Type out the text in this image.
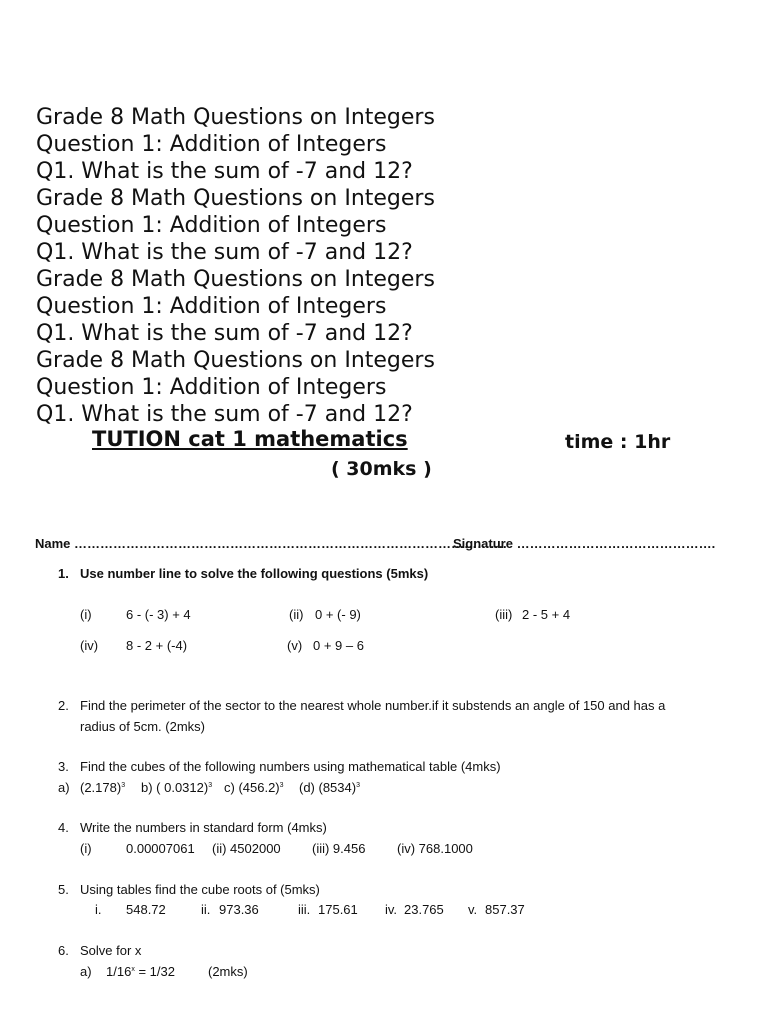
Grade 8 Math Questions on Integers
Question 1: Addition of Integers
Q1. What is the sum of -7 and 12?
Grade 8 Math Questions on Integers
Question 1: Addition of Integers
Q1. What is the sum of -7 and 12?
Grade 8 Math Questions on Integers
Question 1: Addition of Integers
Q1. What is the sum of -7 and 12?
Grade 8 Math Questions on Integers
Question 1: Addition of Integers
Q1. What is the sum of -7 and 12?
TUTION cat 1 mathematics	time : 1hr
( 30mks )
Name ……………………………………………………………………………………….
Signature ……………………………………….
1. Use number line to solve the following questions (5mks)
(i)	6 - (- 3) + 4	(ii) 0 + (- 9)	(iii) 2 - 5 + 4
(iv) 8 - 2 + (-4)	(v) 0 + 9 – 6
2. Find the perimeter of the sector to the nearest whole number.if it substends an angle of 150 and has a
radius of 5cm. (2mks)
3. Find the cubes of the following numbers using mathematical table (4mks)
a) $(2.178)^3$ b) ( 0.0312)$^3$ c) $(456.2)^3$ (d) $(8534)^3$
4. Write the numbers in standard form (4mks)
(i)	0.00007061 (ii) 4502000 (iii) 9.456 (iv) 768.1000
5. Using tables find the cube roots of (5mks)
i. 548.72	ii. 973.36	iii. 175.61 iv. 23.765 v. 857.37
6. Solve for x
a) $1/16^x = 1/32$	(2mks)
